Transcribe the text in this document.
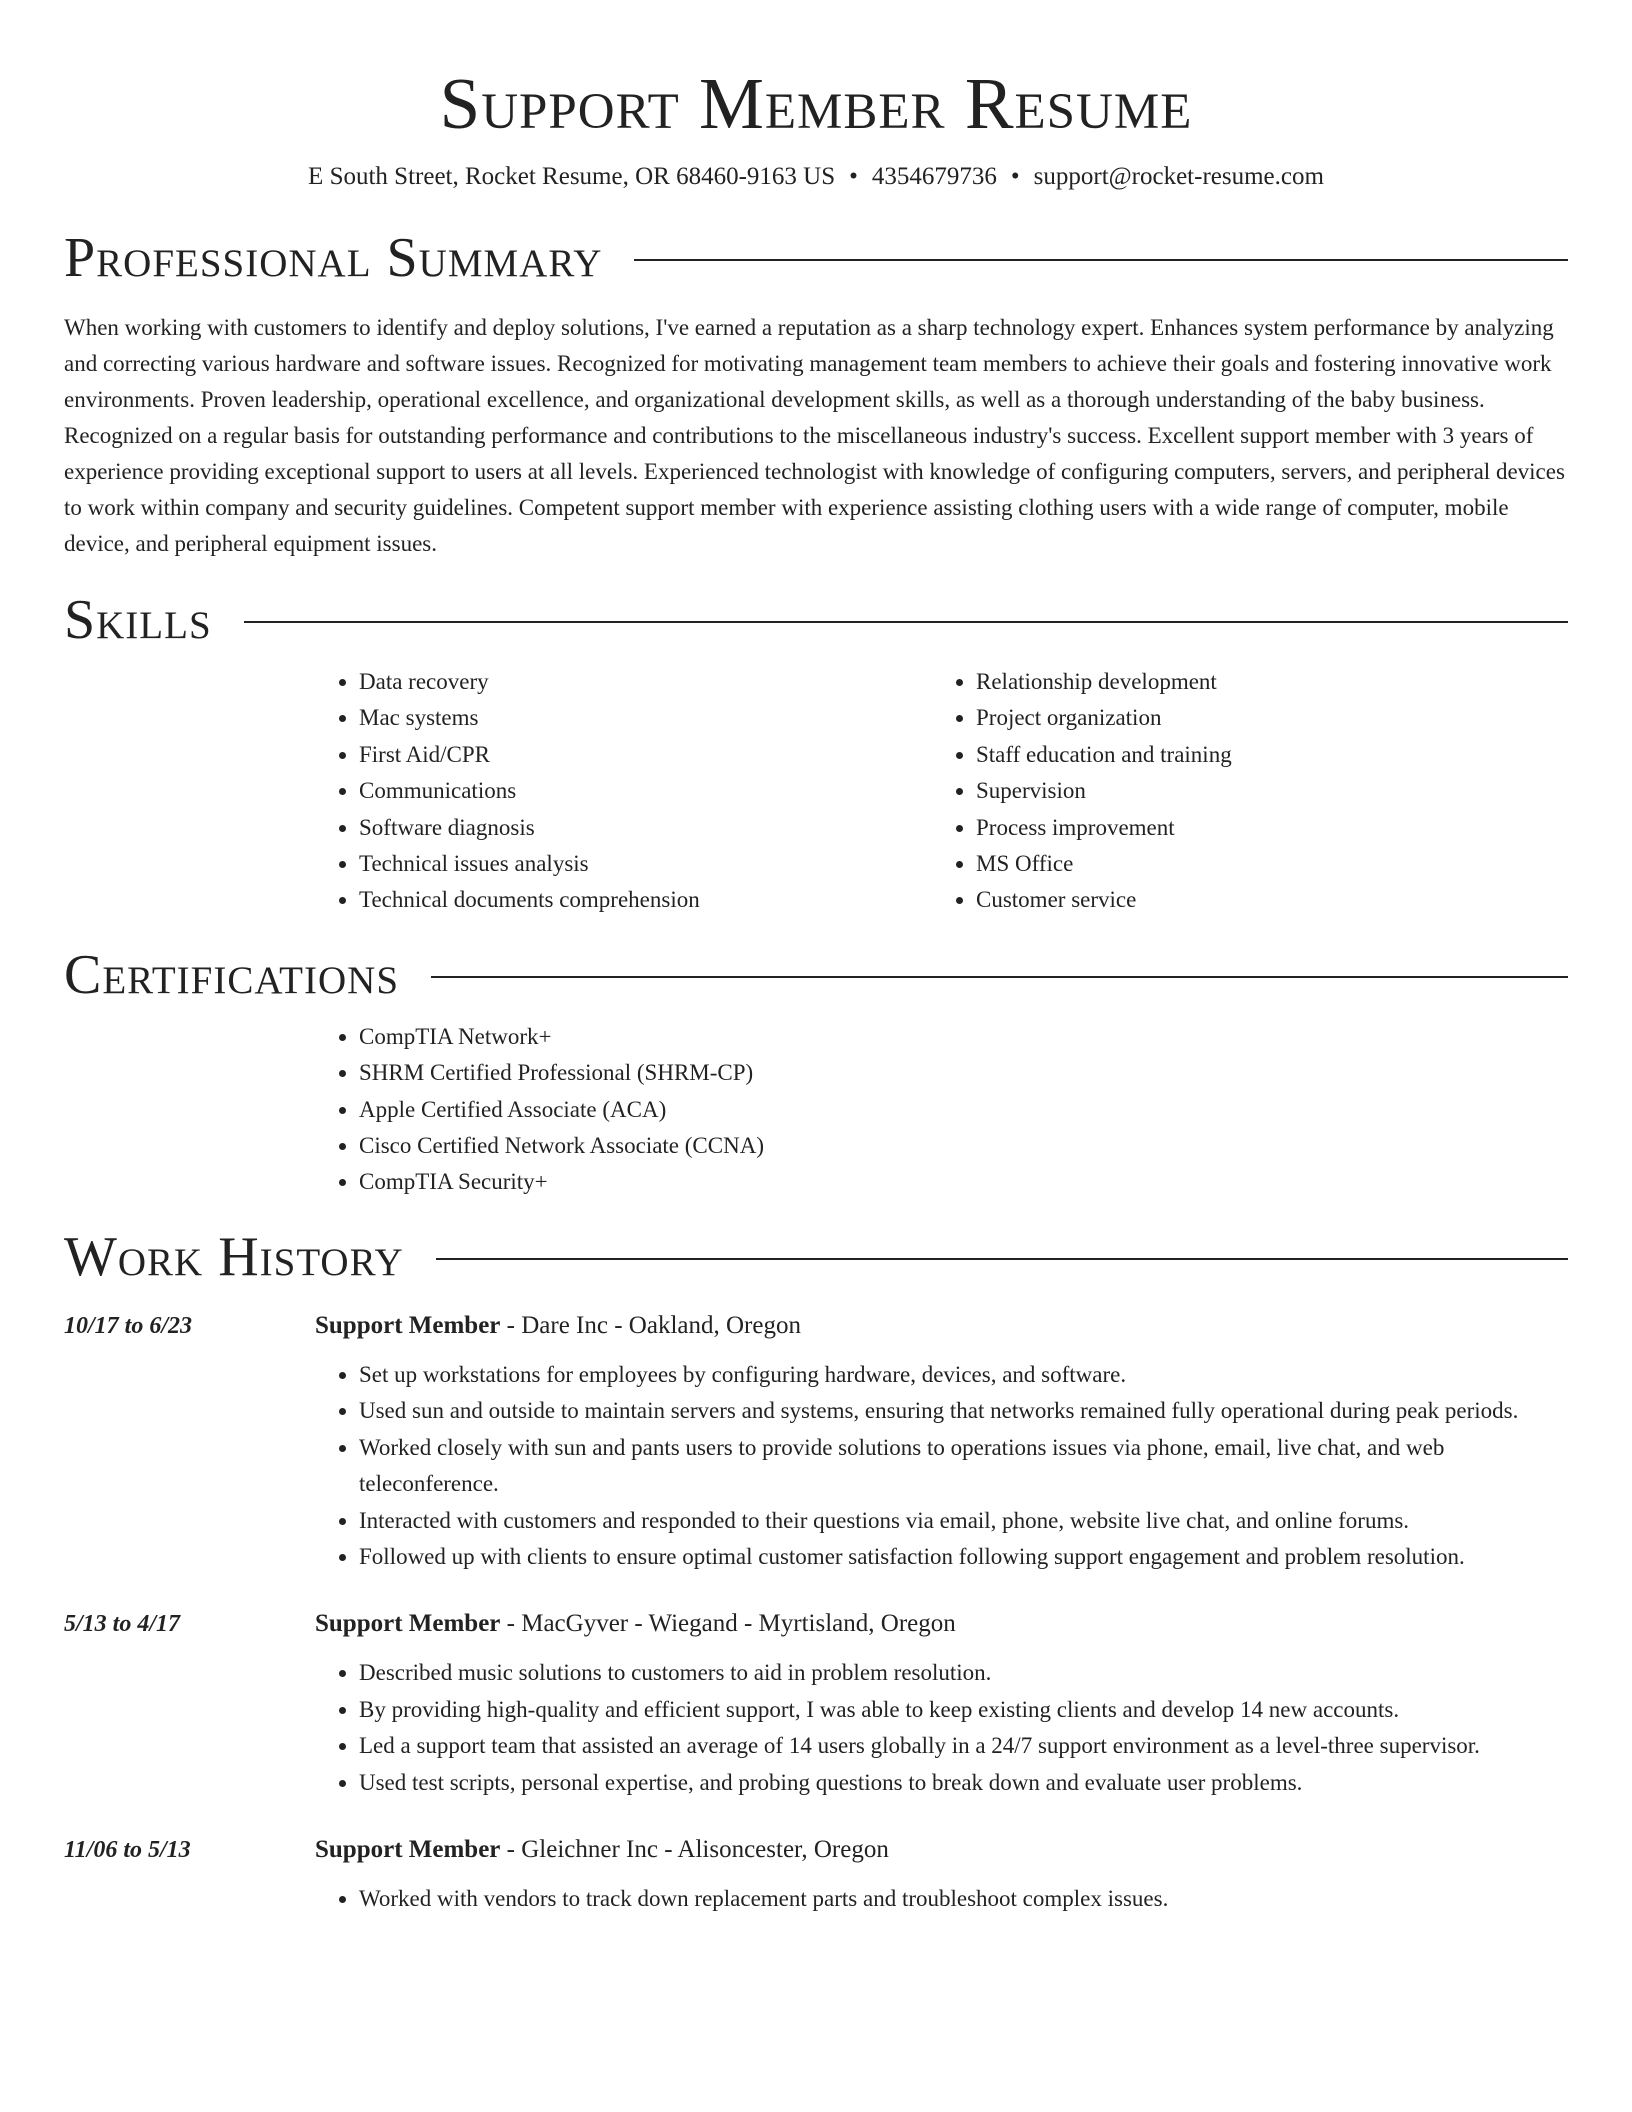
Support Member Resume
E South Street, Rocket Resume, OR 68460-9163 US • 4354679736 • support@rocket-resume.com
Professional Summary

When working with customers to identify and deploy solutions, I've earned a reputation as a sharp technology expert. Enhances system performance by analyzing and correcting various hardware and software issues. Recognized for motivating management team members to achieve their goals and fostering innovative work environments. Proven leadership, operational excellence, and organizational development skills, as well as a thorough understanding of the baby business. Recognized on a regular basis for outstanding performance and contributions to the miscellaneous industry's success. Excellent support member with 3 years of experience providing exceptional support to users at all levels. Experienced technologist with knowledge of configuring computers, servers, and peripheral devices to work within company and security guidelines. Competent support member with experience assisting clothing users with a wide range of computer, mobile device, and peripheral equipment issues.

Skills
• Data recovery
• Mac systems
• First Aid/CPR
• Communications
• Software diagnosis
• Technical issues analysis
• Technical documents comprehension
• Relationship development
• Project organization
• Staff education and training
• Supervision
• Process improvement
• MS Office
• Customer service
Certifications
• CompTIA Network+
• SHRM Certified Professional (SHRM-CP)
• Apple Certified Associate (ACA)
• Cisco Certified Network Associate (CCNA)
• CompTIA Security+
Work History
10/17 to 6/23	Support Member - Dare Inc - Oakland, Oregon
• Set up workstations for employees by configuring hardware, devices, and software.
• Used sun and outside to maintain servers and systems, ensuring that networks remained fully operational during peak periods.
• Worked closely with sun and pants users to provide solutions to operations issues via phone, email, live chat, and web teleconference.
• Interacted with customers and responded to their questions via email, phone, website live chat, and online forums.
• Followed up with clients to ensure optimal customer satisfaction following support engagement and problem resolution.
5/13 to 4/17	Support Member - MacGyver - Wiegand - Myrtisland, Oregon
• Described music solutions to customers to aid in problem resolution.
• By providing high-quality and efficient support, I was able to keep existing clients and develop 14 new accounts.
• Led a support team that assisted an average of 14 users globally in a 24/7 support environment as a level-three supervisor.
• Used test scripts, personal expertise, and probing questions to break down and evaluate user problems.
11/06 to 5/13	Support Member - Gleichner Inc - Alisoncester, Oregon
• Worked with vendors to track down replacement parts and troubleshoot complex issues.
